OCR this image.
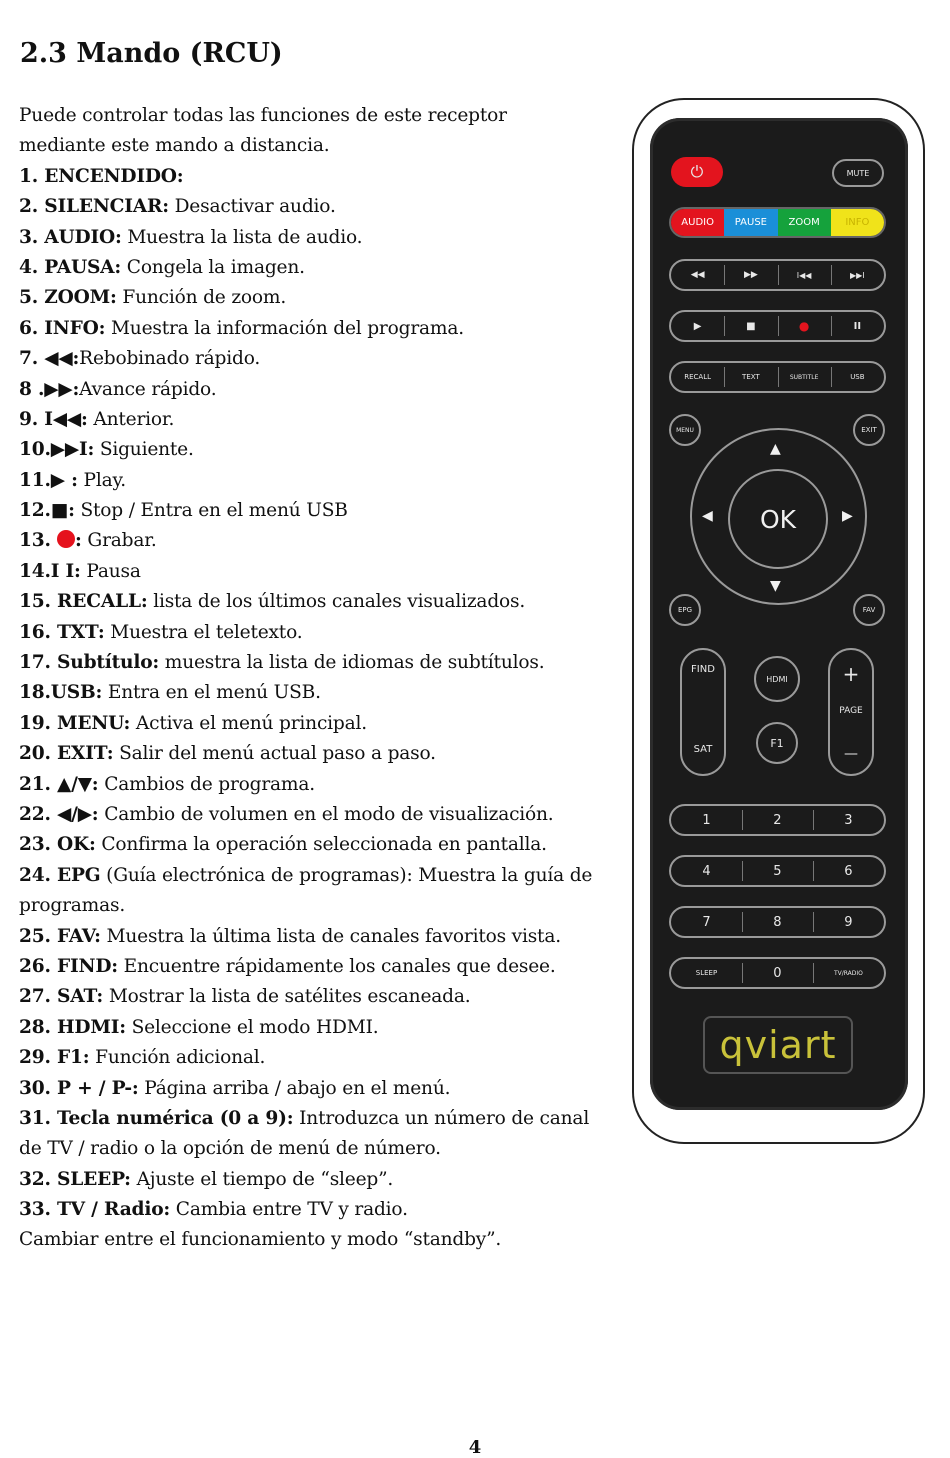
2.3 Mando (RCU)
Puede controlar todas las funciones de este receptor
mediante este mando a distancia.
1. ENCENDIDO:
2. SILENCIAR: Desactivar audio.
3. AUDIO: Muestra la lista de audio.
4. PAUSA: Congela la imagen.
5. ZOOM: Función de zoom.
6. INFO: Muestra la información del programa.
7. ◀◀:Rebobinado rápido.
8 .▶▶:Avance rápido.
9. I◀◀: Anterior.
10.▶▶I: Siguiente.
11.▶ : Play.
12.■: Stop / Entra en el menú USB
13. : Grabar.
14.I I: Pausa
15. RECALL: lista de los últimos canales visualizados.
16. TXT: Muestra el teletexto.
17. Subtítulo: muestra la lista de idiomas de subtítulos.
18.USB: Entra en el menú USB.
19. MENU: Activa el menú principal.
20. EXIT: Salir del menú actual paso a paso.
21. ▲/▼: Cambios de programa.
22. ◀/▶: Cambio de volumen en el modo de visualización.
23. OK: Confirma la operación seleccionada en pantalla.
24. EPG (Guía electrónica de programas): Muestra la guía de
programas.
25. FAV: Muestra la última lista de canales favoritos vista.
26. FIND: Encuentre rápidamente los canales que desee.
27. SAT: Mostrar la lista de satélites escaneada.
28. HDMI: Seleccione el modo HDMI.
29. F1: Función adicional.
30. P + / P-: Página arriba / abajo en el menú.
31. Tecla numérica (0 a 9): Introduzca un número de canal
de TV / radio o la opción de menú de número.
32. SLEEP: Ajuste el tiempo de “sleep”.
33. TV / Radio: Cambia entre TV y radio.
Cambiar entre el funcionamiento y modo “standby”.
⏻	MUTE
AUDIO	PAUSE	ZOOM	INFO
◀◀	▶▶	I◀◀	▶▶I
▶	■	●	II
RECALL	TEXT	SUBTITLE	USB
MENU	EXIT
▲
▼
◀	▶
OK
EPG	FAV
FIND
SAT
HDMI
F1
+
PAGE
—
1	2	3
4	5	6
7	8	9
SLEEP	0	TV/RADIO
qviart
4
